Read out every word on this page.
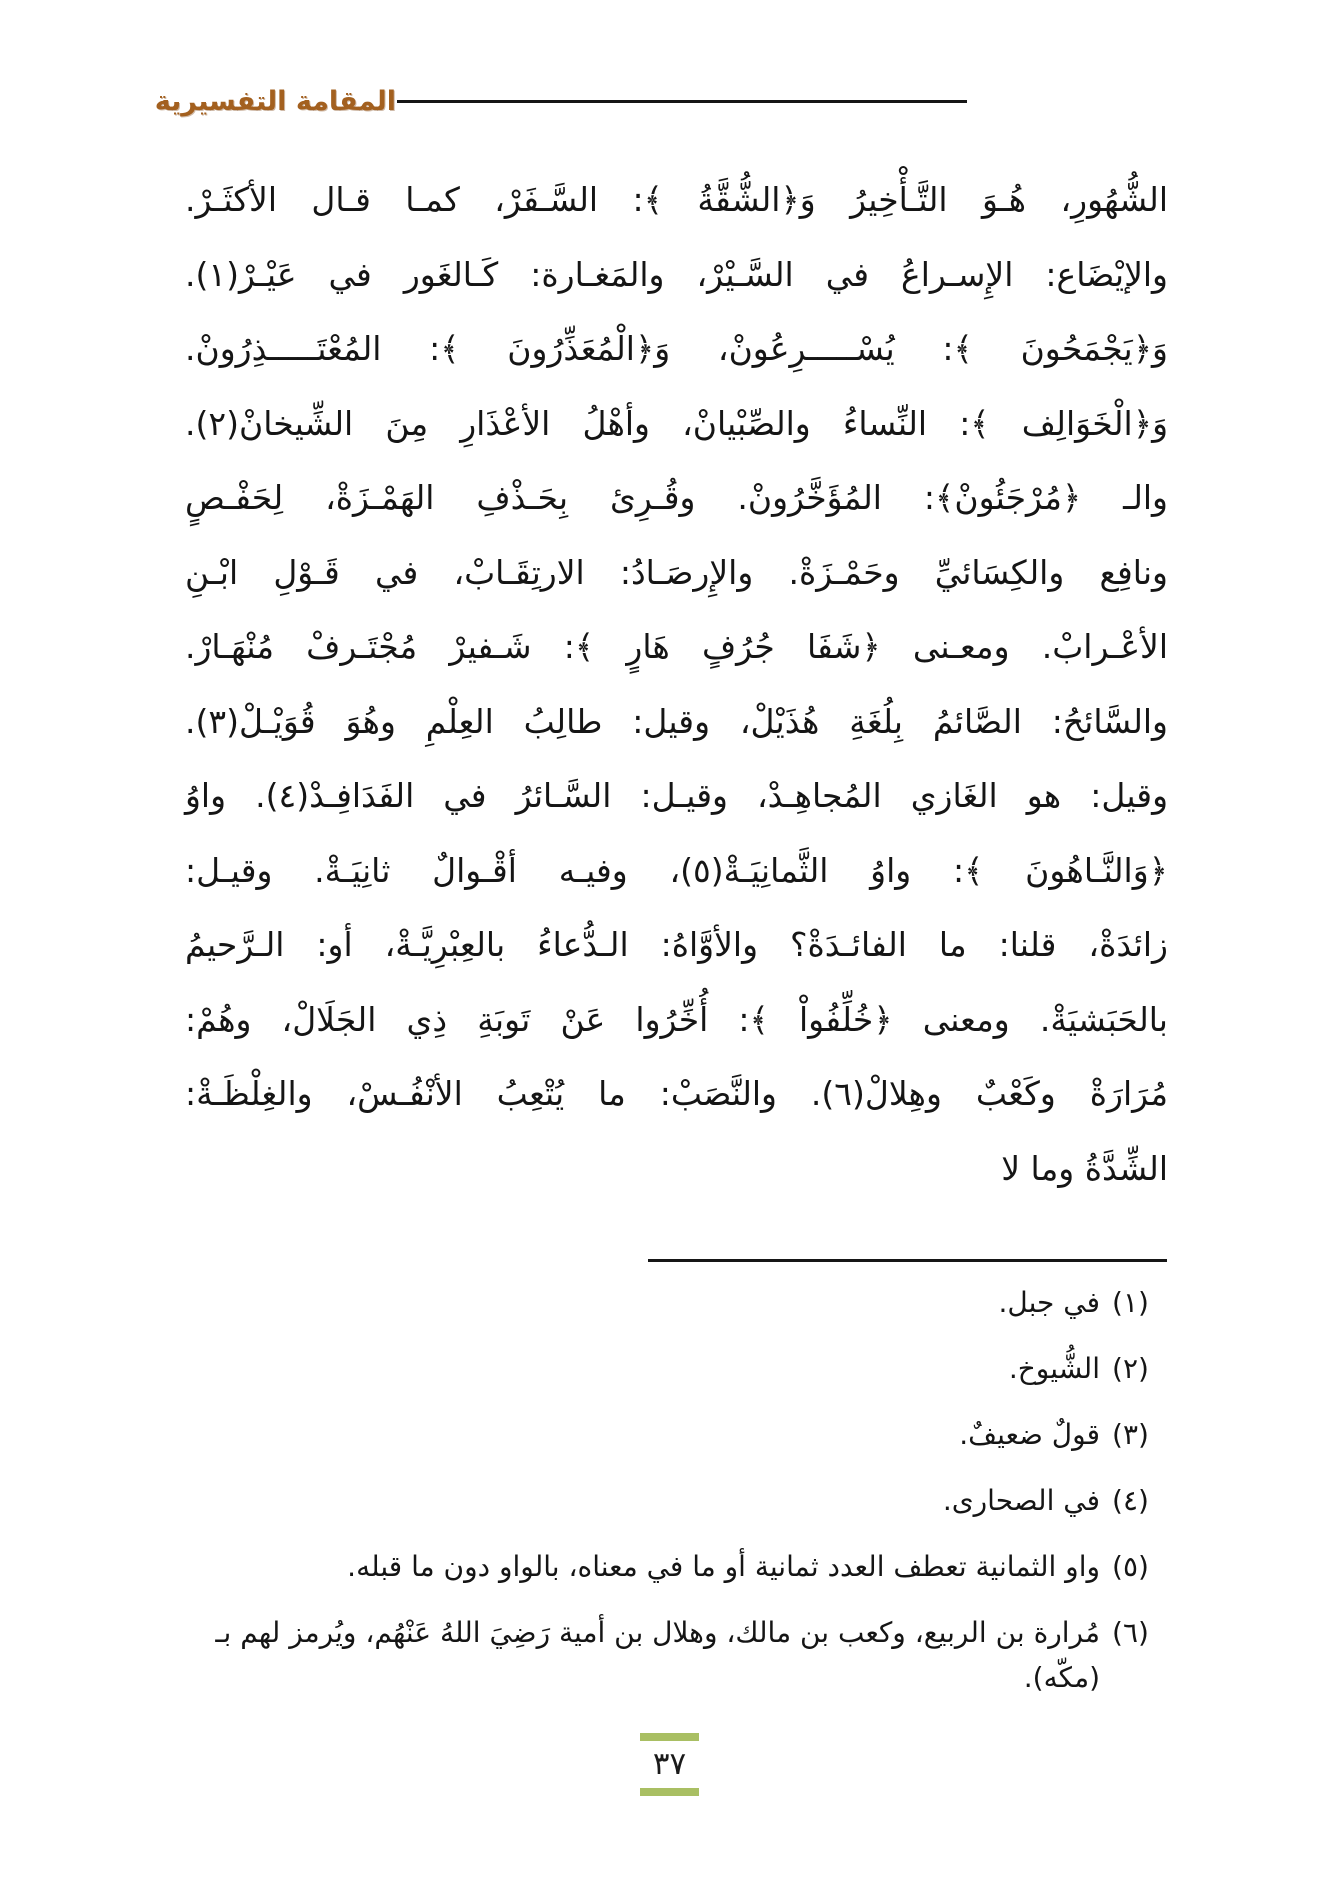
المقامة التفسيرية

الشُّهُورِ، هُـوَ التَّـأْخِيرُ وَ﴿الشُّقَّةُ ﴾: السَّـفَرْ، كمـا قـال الأكثَـرْ.

والإيْضَاع: الإِسـراعُ في السَّـيْرْ، والمَغـارة: كَـالغَور في عَيْـرْ(١).

وَ﴿يَجْمَحُونَ ﴾: يُسْـــــرِعُونْ، وَ﴿الْمُعَذِّرُونَ ﴾: المُعْتَـــــذِرُونْ.

وَ﴿الْخَوَالِف ﴾: النِّساءُ والصِّبْيانْ، وأهْلُ الأعْذَارِ مِنَ الشِّيخانْ(٢).

والـ ﴿مُرْجَئُونْ﴾: المُؤَخَّرُونْ. وقُـرِئ بِحَـذْفِ الهَمْـزَةْ، لِحَفْـصٍ

ونافِع والكِسَائيِّ وحَمْـزَةْ. والإِرصَـادُ: الارتِقَـابْ، في قَـوْلِ ابْـنِ

الأعْـرابْ. ومعـنى ﴿شَفَا جُرُفٍ هَارٍ ﴾: شَـفيرْ مُجْتَـرفْ مُنْهَـارْ.

والسَّائحُ: الصَّائمُ بِلُغَةِ هُذَيْلْ، وقيل: طالِبُ العِلْمِ وهُوَ قُوَيْـلْ(٣).

وقيل: هو الغَازي المُجاهِـدْ، وقيـل: السَّـائرُ في الفَدَافِـدْ(٤). واوُ

﴿وَالنَّـاهُونَ ﴾: واوُ الثَّمانِيَـةْ(٥)، وفيـه أقْـوالٌ ثانِيَـةْ. وقيـل:

زائدَةْ، قلنا: ما الفائـدَةْ؟ والأوَّاهُ: الـدُّعاءُ بالعِبْرِيَّـةْ، أو: الـرَّحيمُ

بالحَبَشيَةْ. ومعنى ﴿خُلِّفُواْ ﴾: أُخِّرُوا عَنْ تَوبَةِ ذِي الجَلَالْ، وهُمْ:

مُرَارَةْ وكَعْبٌ وهِلالْ(٦). والنَّصَبْ: ما يُتْعِبُ الأنْفُـسْ، والغِلْظَـةْ:

الشِّدَّةُ وما لا

(١)
في جبل.
(٢)
الشُّيوخ.
(٣)
قولٌ ضعيفٌ.
(٤)
في الصحارى.
(٥)
واو الثمانية تعطف العدد ثمانية أو ما في معناه، بالواو دون ما قبله.
(٦)
مُرارة بن الربيع، وكعب بن مالك، وهلال بن أمية رَضِيَ اللهُ عَنْهُم، ويُرمز لهم بـ (مكّه).
٣٧
